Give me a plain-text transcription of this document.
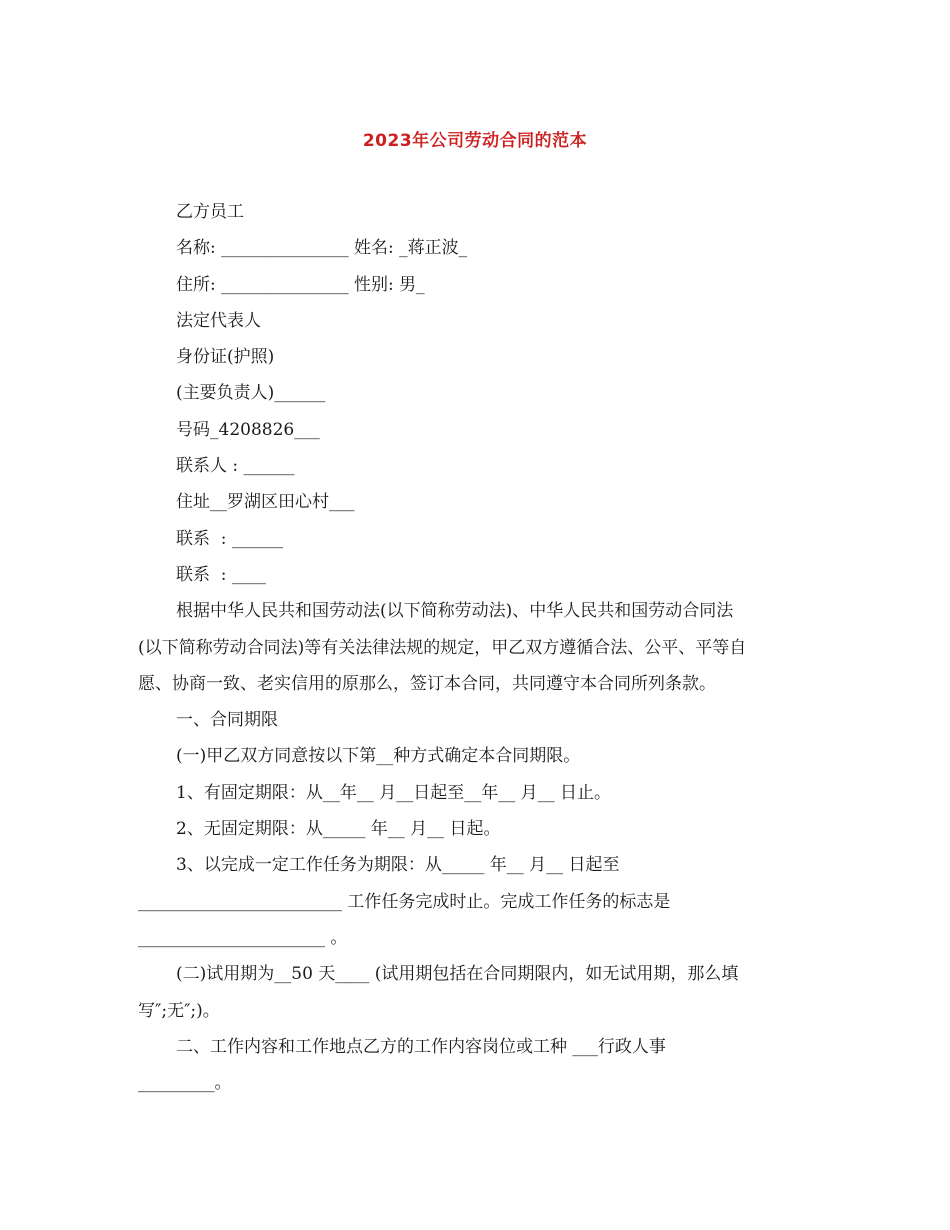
2023年公司劳动合同的范本
乙方员工
名称: _______________ 姓名: _蒋正波_
住所: _______________ 性别: 男_
法定代表人
身份证(护照)
(主要负责人)______
号码_4208826___
联系人 : ______
住址__罗湖区田心村___
联系  : ______
联系  : ____
根据中华人民共和国劳动法(以下简称劳动法)、中华人民共和国劳动合同法
(以下简称劳动合同法)等有关法律法规的规定，甲乙双方遵循合法、公平、平等自
愿、协商一致、老实信用的原那么，签订本合同，共同遵守本合同所列条款。
一、合同期限
(一)甲乙双方同意按以下第__种方式确定本合同期限。
1、有固定期限：从__年__ 月__日起至__年__ 月__ 日止。
2、无固定期限：从_____ 年__ 月__ 日起。
3、以完成一定工作任务为期限：从_____ 年__ 月__ 日起至
________________________ 工作任务完成时止。完成工作任务的标志是
______________________ 。
(二)试用期为__50 天____ (试用期包括在合同期限内，如无试用期，那么填
写″;无″;)。
二、工作内容和工作地点乙方的工作内容岗位或工种 ___行政人事
_________。
